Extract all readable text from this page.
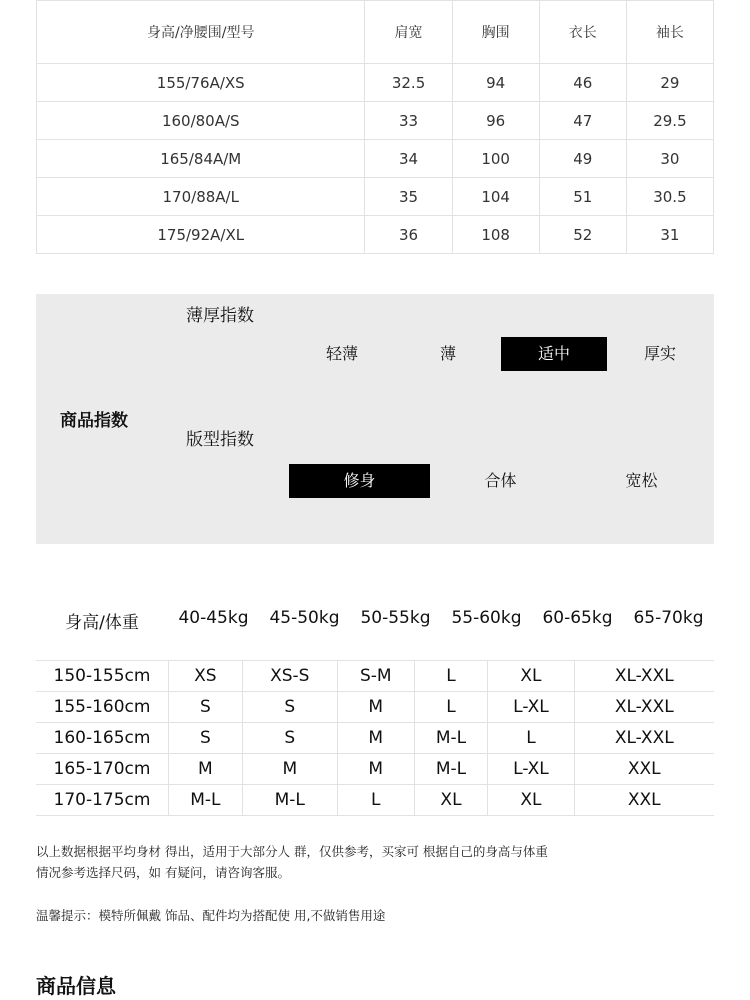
身高/净腰围/型号	肩宽	胸围	衣长	袖长
155/76A/XS	32.5	94	46	29
160/80A/S	33	96	47	29.5
165/84A/M	34	100	49	30
170/88A/L	35	104	51	30.5
175/92A/XL	36	108	52	31
商品指数
薄厚指数
轻薄	薄	适中	厚实
版型指数
修身	合体	宽松
身高/体重	40-45kg	45-50kg	50-55kg	55-60kg	60-65kg	65-70kg
150-155cm	XS	XS-S	S-M	L	XL	XL-XXL
155-160cm	S	S	M	L	L-XL	XL-XXL
160-165cm	S	S	M	M-L	L	XL-XXL
165-170cm	M	M	M	M-L	L-XL	XXL
170-175cm	M-L	M-L	L	XL	XL	XXL
以上数据根据平均身材 得出，适用于大部分人 群，仅供参考，买家可 根据自己的身高与体重
情况参考选择尺码，如 有疑问，请咨询客服。
温馨提示：模特所佩戴 饰品、配件均为搭配使 用,不做销售用途
商品信息
